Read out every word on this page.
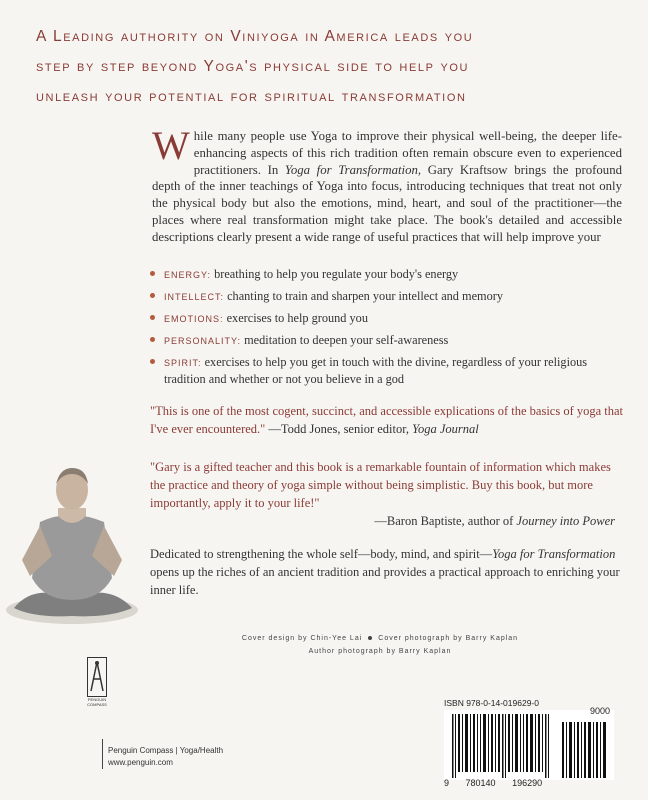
A Leading authority on Viniyoga in America leads you
step by step beyond Yoga's physical side to help you
unleash your potential for spiritual transformation
While many people use Yoga to improve their physical well-being, the deeper life-enhancing aspects of this rich tradition often remain obscure even to experienced practitioners. In Yoga for Transformation, Gary Kraftsow brings the profound depth of the inner teachings of Yoga into focus, introducing techniques that treat not only the physical body but also the emotions, mind, heart, and soul of the practitioner—the places where real transformation might take place. The book's detailed and accessible descriptions clearly present a wide range of useful practices that will help improve your
ENERGY: breathing to help you regulate your body's energy
INTELLECT: chanting to train and sharpen your intellect and memory
EMOTIONS: exercises to help ground you
PERSONALITY: meditation to deepen your self-awareness
SPIRIT: exercises to help you get in touch with the divine, regardless of your religious tradition and whether or not you believe in a god
"This is one of the most cogent, succinct, and accessible explications of the basics of yoga that I've ever encountered." —Todd Jones, senior editor, Yoga Journal
"Gary is a gifted teacher and this book is a remarkable fountain of information which makes the practice and theory of yoga simple without being simplistic. Buy this book, but more importantly, apply it to your life!"
—Baron Baptiste, author of Journey into Power
Dedicated to strengthening the whole self—body, mind, and spirit—Yoga for Transformation opens up the riches of an ancient tradition and provides a practical approach to enriching your inner life.
Cover design by Chin-Yee Lai Cover photograph by Barry Kaplan
Author photograph by Barry Kaplan
PENGUIN
COMPASS
Penguin Compass | Yoga/Health
www.penguin.com
ISBN 978-0-14-019629-0
9000
9 780140 196290
